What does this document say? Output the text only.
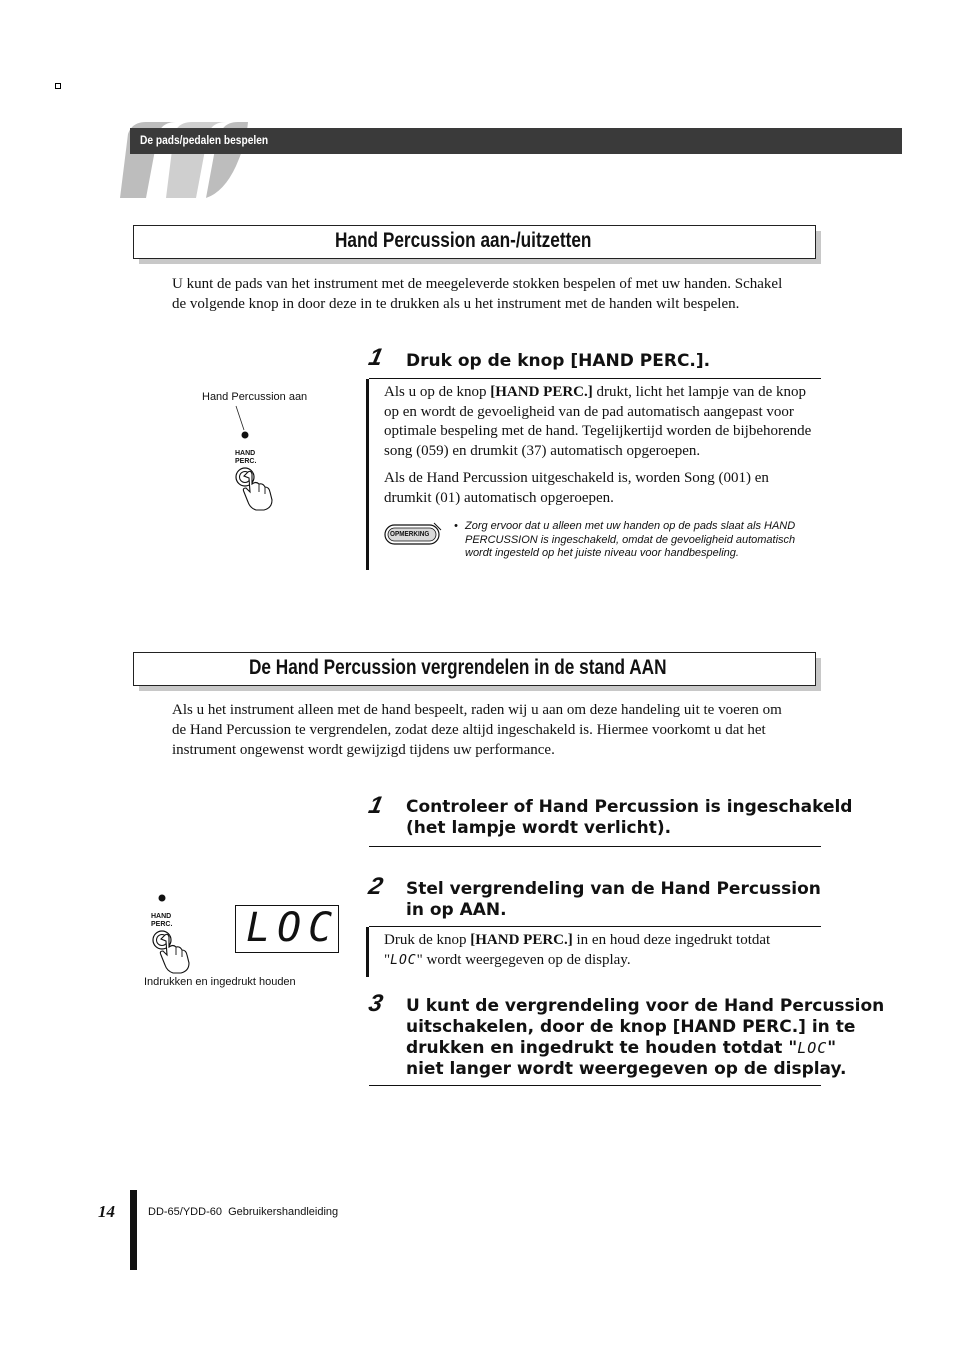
De pads/pedalen bespelen
Hand Percussion aan-/uitzetten
U kunt de pads van het instrument met de meegeleverde stokken bespelen of met uw handen. Schakel
de volgende knop in door deze in te drukken als u het instrument met de handen wilt bespelen.
Hand Percussion aan
HAND
PERC.
1 Druk op de knop [HAND PERC.].
Als u op de knop [HAND PERC.] drukt, licht het lampje van de knop
op en wordt de gevoeligheid van de pad automatisch aangepast voor
optimale bespeling met de hand. Tegelijkertijd worden de bijbehorende
song (059) en drumkit (37) automatisch opgeroepen.
Als de Hand Percussion uitgeschakeld is, worden Song (001) en
drumkit (01) automatisch opgeroepen.
OPMERKING
• Zorg ervoor dat u alleen met uw handen op de pads slaat als HAND
PERCUSSION is ingeschakeld, omdat de gevoeligheid automatisch
wordt ingesteld op het juiste niveau voor handbespeling.
De Hand Percussion vergrendelen in de stand AAN
Als u het instrument alleen met de hand bespeelt, raden wij u aan om deze handeling uit te voeren om
de Hand Percussion te vergrendelen, zodat deze altijd ingeschakeld is. Hiermee voorkomt u dat het
instrument ongewenst wordt gewijzigd tijdens uw performance.
1 Controleer of Hand Percussion is ingeschakeld
(het lampje wordt verlicht).
HAND
PERC. LOC
Indrukken en ingedrukt houden
2 Stel vergrendeling van de Hand Percussion
in op AAN.
Druk de knop [HAND PERC.] in en houd deze ingedrukt totdat
"LOC" wordt weergegeven op de display.
3 U kunt de vergrendeling voor de Hand Percussion
uitschakelen, door de knop [HAND PERC.] in te
drukken en ingedrukt te houden totdat "LOC"
niet langer wordt weergegeven op de display.
14	DD-65/YDD-60  Gebruikershandleiding
